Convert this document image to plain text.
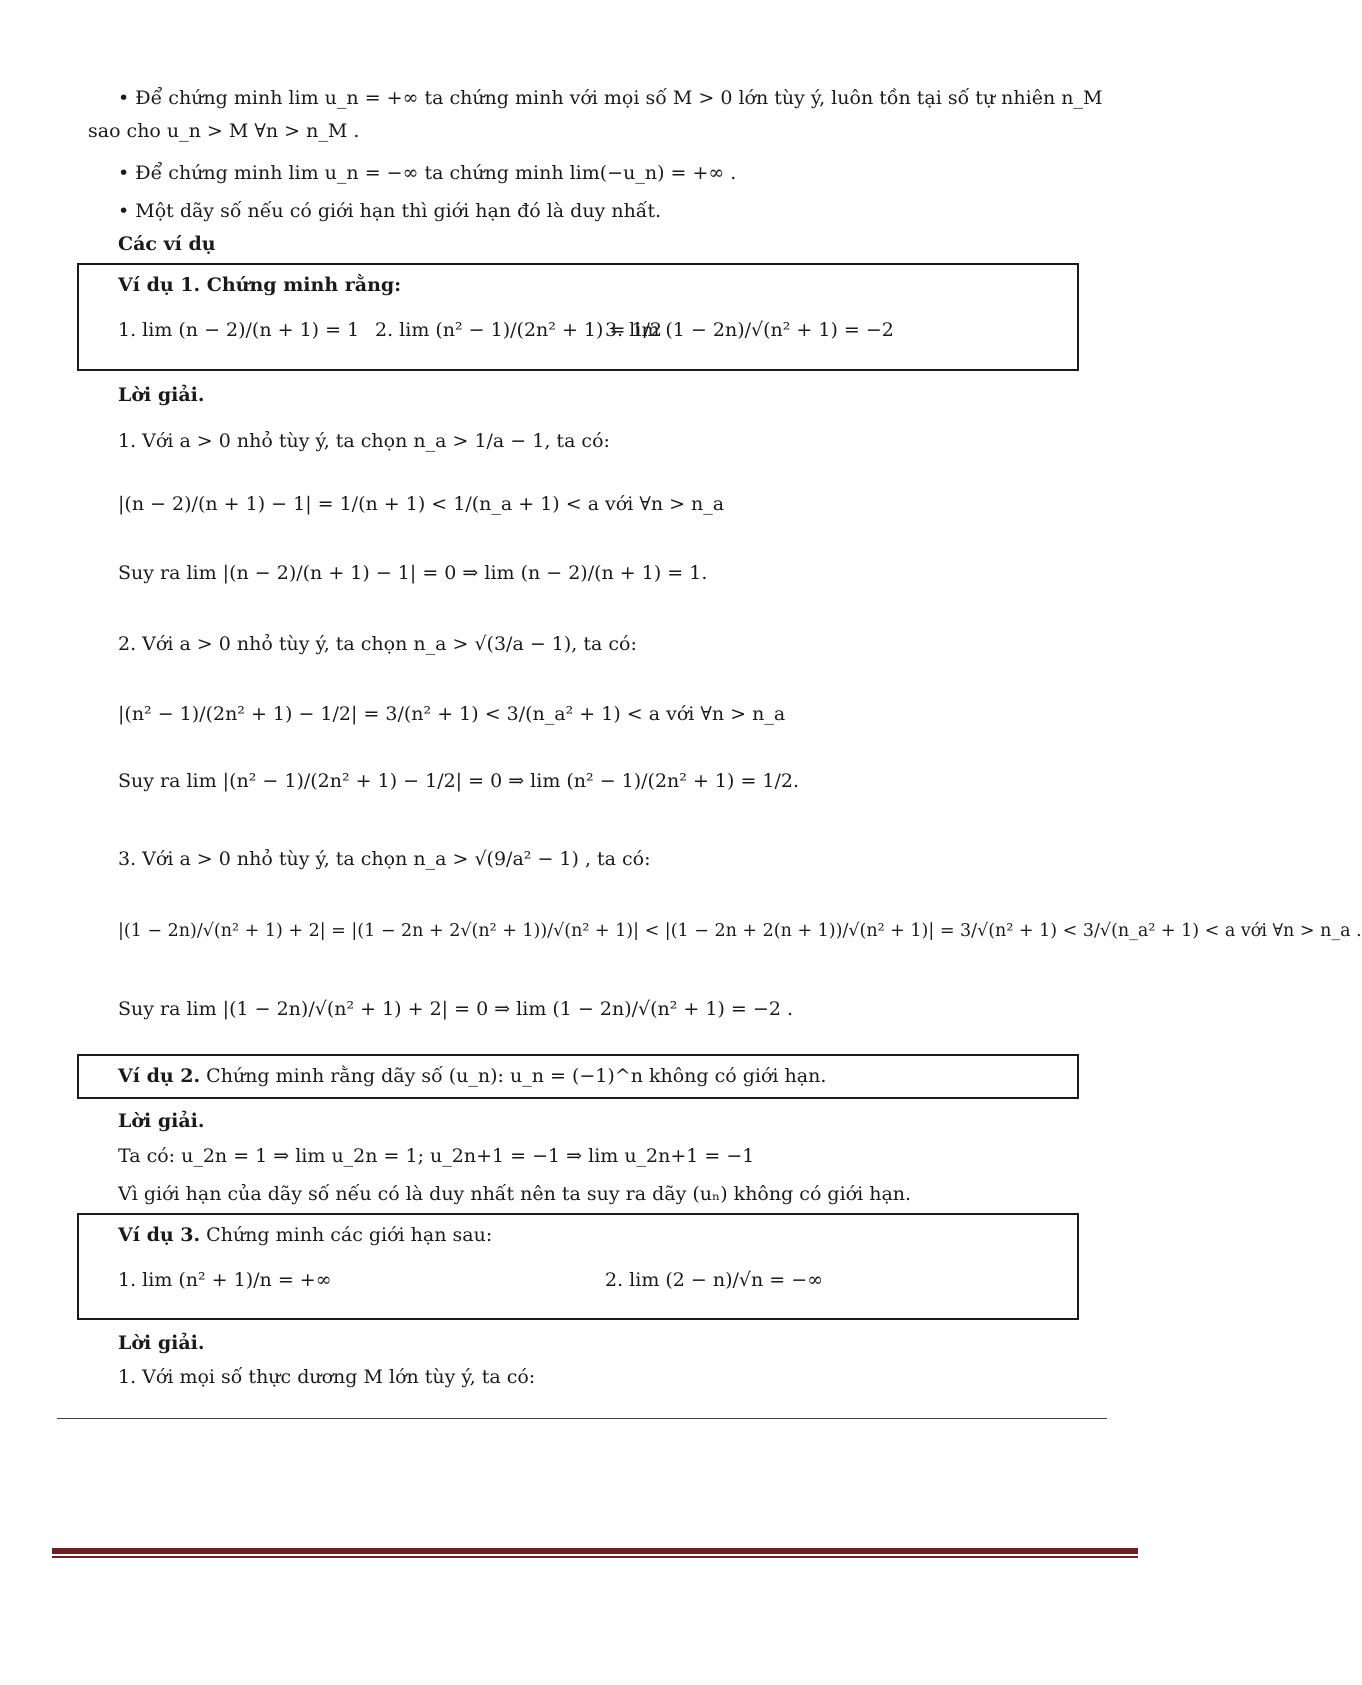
• Để chứng minh lim u_n = +∞ ta chứng minh với mọi số M > 0 lớn tùy ý, luôn tồn tại số tự nhiên n_M
sao cho u_n > M ∀n > n_M .
• Để chứng minh lim u_n = −∞ ta chứng minh lim(−u_n) = +∞ .
• Một dãy số nếu có giới hạn thì giới hạn đó là duy nhất.
Các ví dụ
Ví dụ 1. Chứng minh rằng:
1. lim (n − 2)/(n + 1) = 1 2. lim (n² − 1)/(2n² + 1) = 1/2
3. lim (1 − 2n)/√(n² + 1) = −2
Lời giải.
1. Với a > 0 nhỏ tùy ý, ta chọn n_a > 1/a − 1, ta có:
|(n − 2)/(n + 1) − 1| = 1/(n + 1) < 1/(n_a + 1) < a với ∀n > n_a
Suy ra lim |(n − 2)/(n + 1) − 1| = 0 ⇒ lim (n − 2)/(n + 1) = 1.
2. Với a > 0 nhỏ tùy ý, ta chọn n_a > √(3/a − 1), ta có:
|(n² − 1)/(2n² + 1) − 1/2| = 3/(n² + 1) < 3/(n_a² + 1) < a với ∀n > n_a
Suy ra lim |(n² − 1)/(2n² + 1) − 1/2| = 0 ⇒ lim (n² − 1)/(2n² + 1) = 1/2.
3. Với a > 0 nhỏ tùy ý, ta chọn n_a > √(9/a² − 1) , ta có:
|(1 − 2n)/√(n² + 1) + 2| = |(1 − 2n + 2√(n² + 1))/√(n² + 1)| < |(1 − 2n + 2(n + 1))/√(n² + 1)| = 3/√(n² + 1) < 3/√(n_a² + 1) < a với ∀n > n_a .
Suy ra lim |(1 − 2n)/√(n² + 1) + 2| = 0 ⇒ lim (1 − 2n)/√(n² + 1) = −2 .
Ví dụ 2. Chứng minh rằng dãy số (u_n): u_n = (−1)^n không có giới hạn.
Lời giải.
Ta có: u_2n = 1 ⇒ lim u_2n = 1; u_2n+1 = −1 ⇒ lim u_2n+1 = −1
Vì giới hạn của dãy số nếu có là duy nhất nên ta suy ra dãy (uₙ) không có giới hạn.
Ví dụ 3. Chứng minh các giới hạn sau:
1. lim (n² + 1)/n = +∞	2. lim (2 − n)/√n = −∞
Lời giải.
1. Với mọi số thực dương M lớn tùy ý, ta có:
